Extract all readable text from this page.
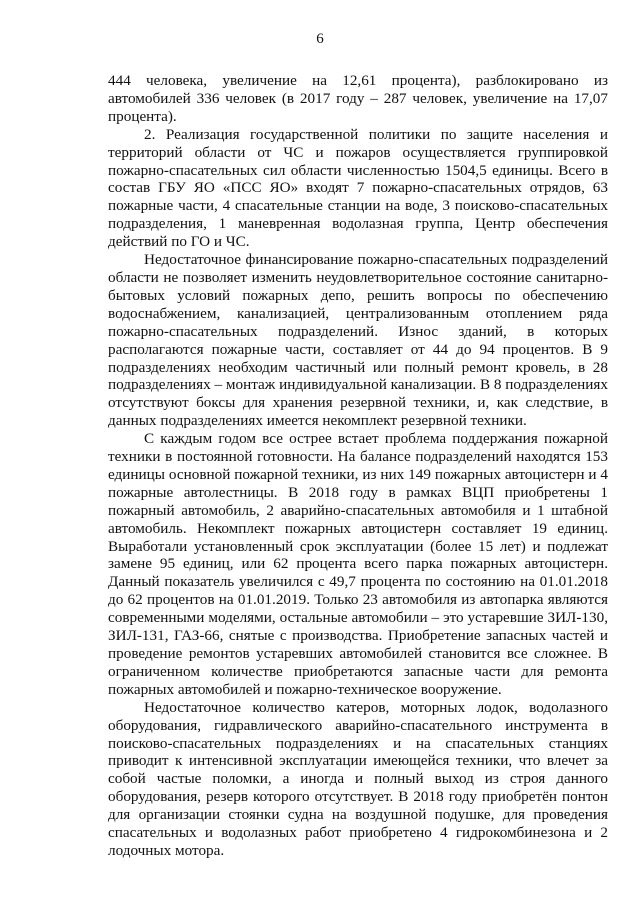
6

444 человека, увеличение на 12,61 процента), разблокировано из автомобилей 336 человек (в 2017 году – 287 человек, увеличение на 17,07 процента).

2. Реализация государственной политики по защите населения и территорий области от ЧС и пожаров осуществляется группировкой пожарно-спасательных сил области численностью 1504,5 единицы. Всего в состав ГБУ ЯО «ПСС ЯО» входят 7 пожарно-спасательных отрядов, 63 пожарные части, 4 спасательные станции на воде, 3 поисково-спасательных подразделения, 1 маневренная водолазная группа, Центр обеспечения действий по ГО и ЧС.

Недостаточное финансирование пожарно-спасательных подразделений области не позволяет изменить неудовлетворительное состояние санитарно-бытовых условий пожарных депо, решить вопросы по обеспечению водоснабжением, канализацией, централизованным отоплением ряда пожарно-спасательных подразделений. Износ зданий, в которых располагаются пожарные части, составляет от 44 до 94 процентов. В 9 подразделениях необходим частичный или полный ремонт кровель, в 28 подразделениях – монтаж индивидуальной канализации. В 8 подразделениях отсутствуют боксы для хранения резервной техники, и, как следствие, в данных подразделениях имеется некомплект резервной техники.

С каждым годом все острее встает проблема поддержания пожарной техники в постоянной готовности. На балансе подразделений находятся 153 единицы основной пожарной техники, из них 149 пожарных автоцистерн и 4 пожарные автолестницы. В 2018 году в рамках ВЦП приобретены 1 пожарный автомобиль, 2 аварийно-спасательных автомобиля и 1 штабной автомобиль. Некомплект пожарных автоцистерн составляет 19 единиц. Выработали установленный срок эксплуатации (более 15 лет) и подлежат замене 95 единиц, или 62 процента всего парка пожарных автоцистерн. Данный показатель увеличился с 49,7 процента по состоянию на 01.01.2018 до 62 процентов на 01.01.2019. Только 23 автомобиля из автопарка являются современными моделями, остальные автомобили – это устаревшие ЗИЛ-130, ЗИЛ-131, ГАЗ-66, снятые с производства. Приобретение запасных частей и проведение ремонтов устаревших автомобилей становится все сложнее. В ограниченном количестве приобретаются запасные части для ремонта пожарных автомобилей и пожарно-техническое вооружение.

Недостаточное количество катеров, моторных лодок, водолазного оборудования, гидравлического аварийно-спасательного инструмента в поисково-спасательных подразделениях и на спасательных станциях приводит к интенсивной эксплуатации имеющейся техники, что влечет за собой частые поломки, а иногда и полный выход из строя данного оборудования, резерв которого отсутствует. В 2018 году приобретён понтон для организации стоянки судна на воздушной подушке, для проведения спасательных и водолазных работ приобретено 4 гидрокомбинезона и 2 лодочных мотора.
